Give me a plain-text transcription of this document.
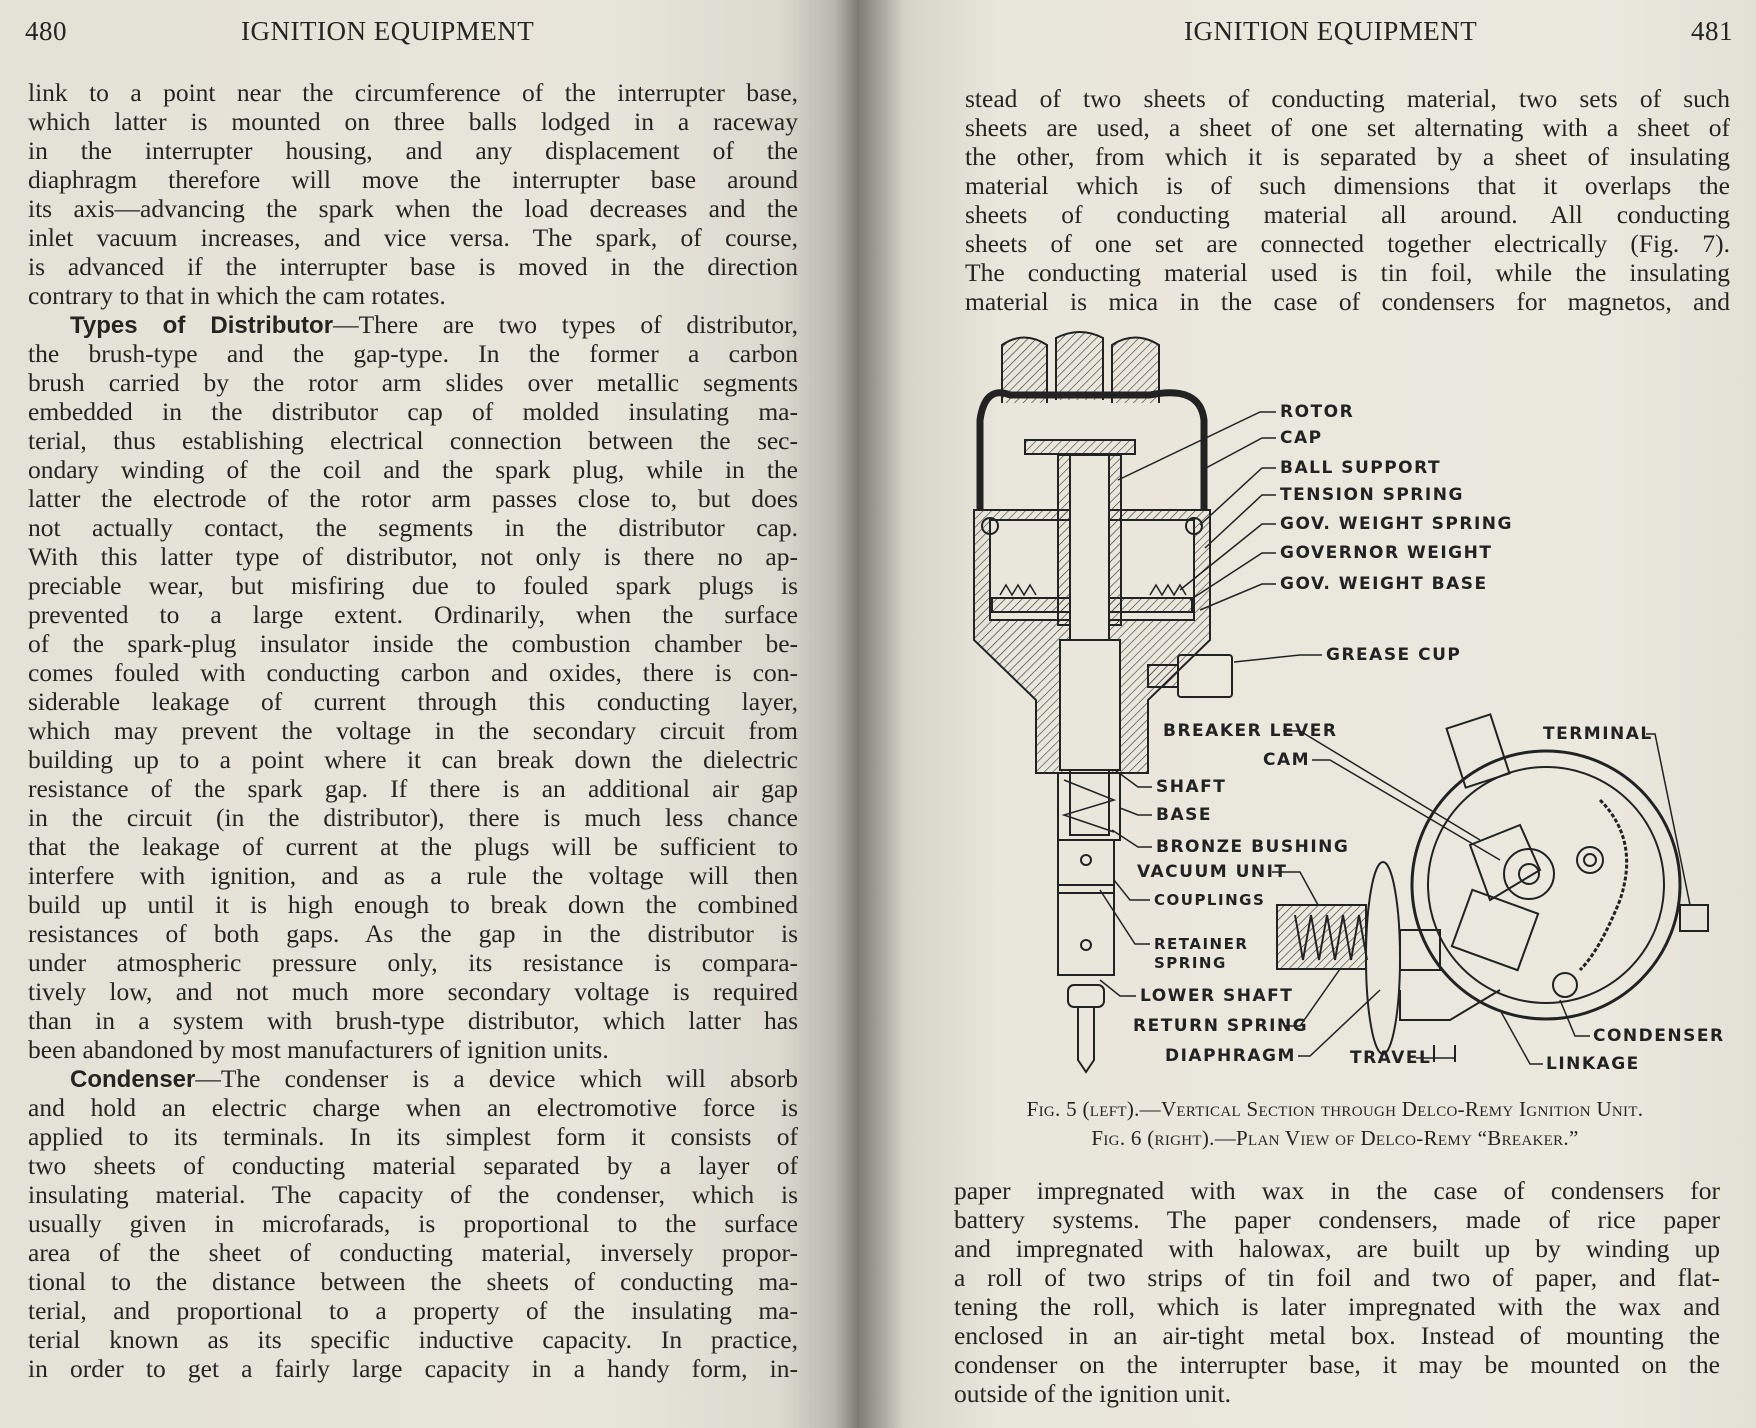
480	IGNITION EQUIPMENT
link to a point near the circumference of the interrupter base,
which latter is mounted on three balls lodged in a raceway
in the interrupter housing, and any displacement of the
diaphragm therefore will move the interrupter base around
its axis—advancing the spark when the load decreases and the
inlet vacuum increases, and vice versa. The spark, of course,
is advanced if the interrupter base is moved in the direction
contrary to that in which the cam rotates.
Types of Distributor—There are two types of distributor,
the brush-type and the gap-type. In the former a carbon
brush carried by the rotor arm slides over metallic segments
embedded in the distributor cap of molded insulating ma-
terial, thus establishing electrical connection between the sec-
ondary winding of the coil and the spark plug, while in the
latter the electrode of the rotor arm passes close to, but does
not actually contact, the segments in the distributor cap.
With this latter type of distributor, not only is there no ap-
preciable wear, but misfiring due to fouled spark plugs is
prevented to a large extent. Ordinarily, when the surface
of the spark-plug insulator inside the combustion chamber be-
comes fouled with conducting carbon and oxides, there is con-
siderable leakage of current through this conducting layer,
which may prevent the voltage in the secondary circuit from
building up to a point where it can break down the dielectric
resistance of the spark gap. If there is an additional air gap
in the circuit (in the distributor), there is much less chance
that the leakage of current at the plugs will be sufficient to
interfere with ignition, and as a rule the voltage will then
build up until it is high enough to break down the combined
resistances of both gaps. As the gap in the distributor is
under atmospheric pressure only, its resistance is compara-
tively low, and not much more secondary voltage is required
than in a system with brush-type distributor, which latter has
been abandoned by most manufacturers of ignition units.
Condenser—The condenser is a device which will absorb
and hold an electric charge when an electromotive force is
applied to its terminals. In its simplest form it consists of
two sheets of conducting material separated by a layer of
insulating material. The capacity of the condenser, which is
usually given in microfarads, is proportional to the surface
area of the sheet of conducting material, inversely propor-
tional to the distance between the sheets of conducting ma-
terial, and proportional to a property of the insulating ma-
terial known as its specific inductive capacity. In practice,
in order to get a fairly large capacity in a handy form, in-
IGNITION EQUIPMENT	481
stead of two sheets of conducting material, two sets of such
sheets are used, a sheet of one set alternating with a sheet of
the other, from which it is separated by a sheet of insulating
material which is of such dimensions that it overlaps the
sheets of conducting material all around. All conducting
sheets of one set are connected together electrically (Fig. 7).
The conducting material used is tin foil, while the insulating
material is mica in the case of condensers for magnetos, and
ROTOR
CAP
BALL SUPPORT
TENSION SPRING
GOV. WEIGHT SPRING
GOVERNOR WEIGHT
GOV. WEIGHT BASE
GREASE CUP
BREAKER LEVER
CAM
TERMINAL
SHAFT
BASE
BRONZE BUSHING
VACUUM UNIT
COUPLINGS
RETAINER
SPRING
LOWER SHAFT
RETURN SPRING
DIAPHRAGM	TRAVEL
CONDENSER
LINKAGE
Fig. 5 (left).—Vertical Section through Delco-Remy Ignition Unit.
Fig. 6 (right).—Plan View of Delco-Remy “Breaker.”
paper impregnated with wax in the case of condensers for
battery systems. The paper condensers, made of rice paper
and impregnated with halowax, are built up by winding up
a roll of two strips of tin foil and two of paper, and flat-
tening the roll, which is later impregnated with the wax and
enclosed in an air-tight metal box. Instead of mounting the
condenser on the interrupter base, it may be mounted on the
outside of the ignition unit.
